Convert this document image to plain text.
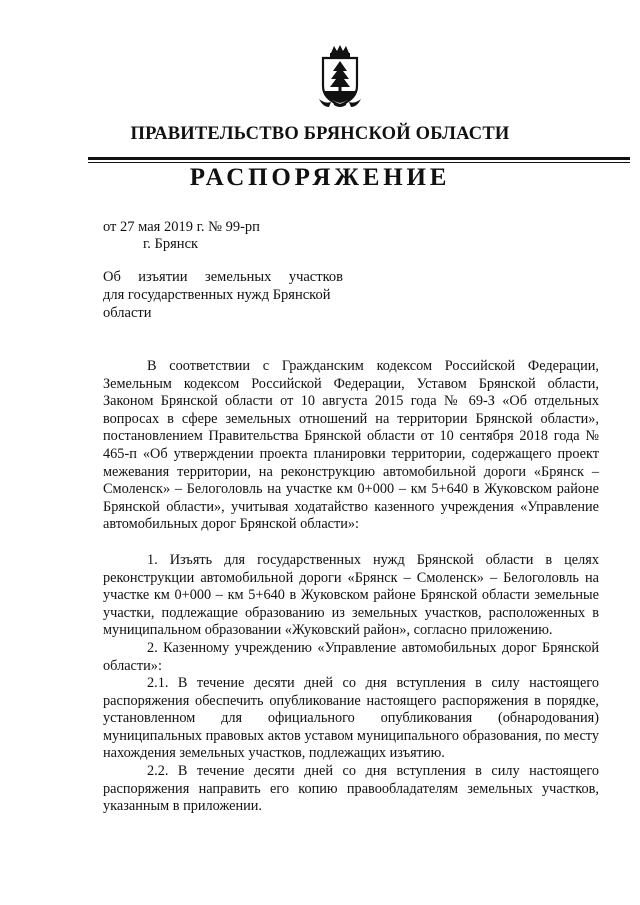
ПРАВИТЕЛЬСТВО БРЯНСКОЙ ОБЛАСТИ
РАСПОРЯЖЕНИЕ
от 27 мая 2019 г. № 99-рп
г. Брянск
Об изъятии земельных участков
для государственных нужд Брянской
области

В соответствии с Гражданским кодексом Российской Федерации, Земельным кодексом Российской Федерации, Уставом Брянской области, Законом Брянской области от 10 августа 2015 года № 69-З «Об отдельных вопросах в сфере земельных отношений на территории Брянской области», постановлением Правительства Брянской области от 10 сентября 2018 года № 465-п «Об утверждении проекта планировки территории, содержащего проект межевания территории, на реконструкцию автомобильной дороги «Брянск – Смоленск» – Белоголовль на участке км 0+000 – км 5+640 в Жуковском районе Брянской области», учитывая ходатайство казенного учреждения «Управление автомобильных дорог Брянской области»:

1. Изъять для государственных нужд Брянской области в целях реконструкции автомобильной дороги «Брянск – Смоленск» – Белоголовль на участке км 0+000 – км 5+640 в Жуковском районе Брянской области земельные участки, подлежащие образованию из земельных участков, расположенных в муниципальном образовании «Жуковский район», согласно приложению.

2. Казенному учреждению «Управление автомобильных дорог Брянской области»:

2.1. В течение десяти дней со дня вступления в силу настоящего распоряжения обеспечить опубликование настоящего распоряжения в порядке, установленном для официального опубликования (обнародования) муниципальных правовых актов уставом муниципального образования, по месту нахождения земельных участков, подлежащих изъятию.

2.2. В течение десяти дней со дня вступления в силу настоящего распоряжения направить его копию правообладателям земельных участков, указанным в приложении.
